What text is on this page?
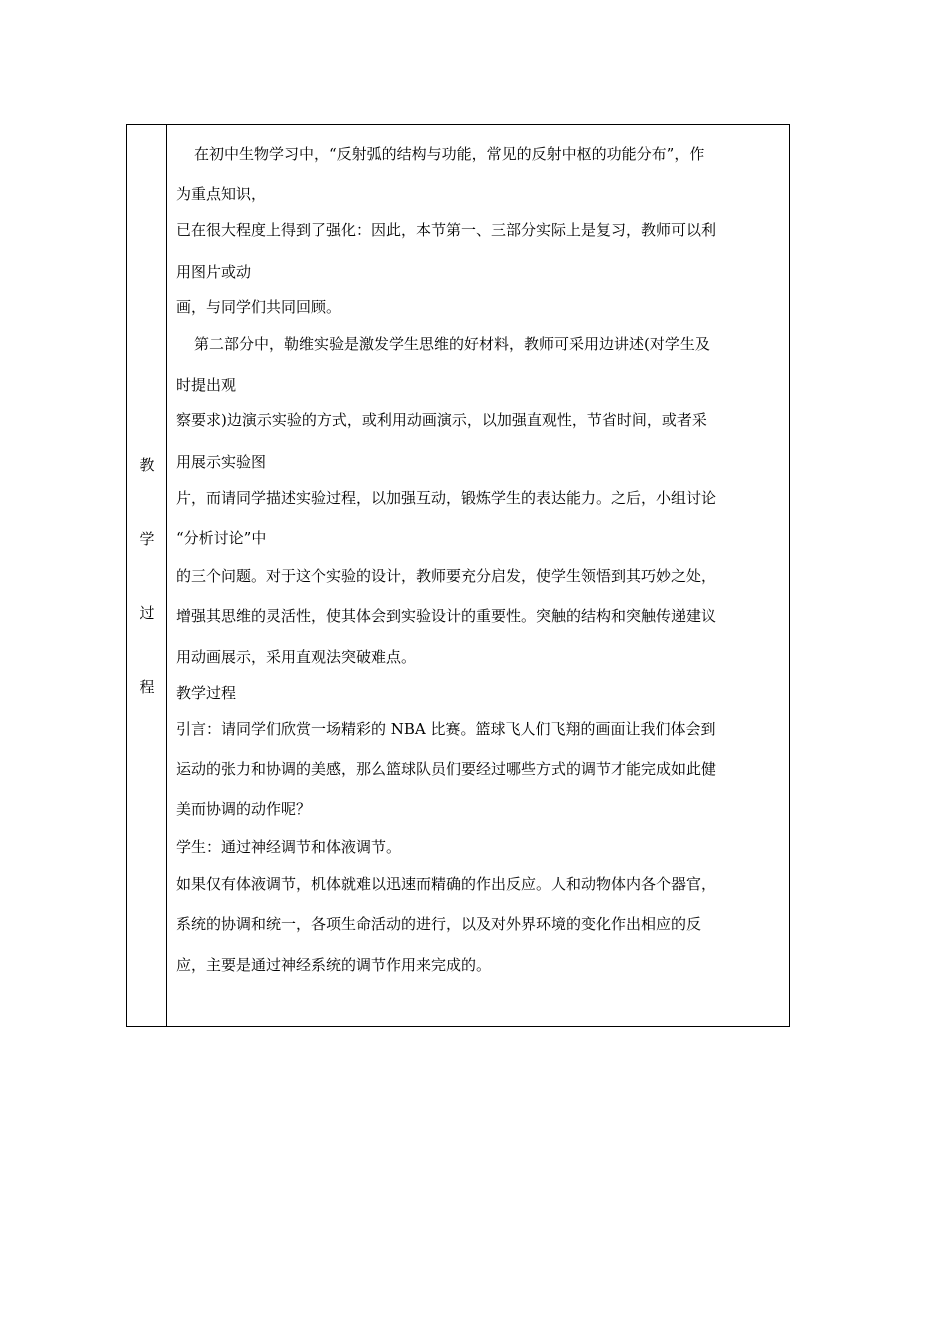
教
学
过
程
在初中生物学习中，“反射弧的结构与功能，常见的反射中枢的功能分布”，作
为重点知识，
已在很大程度上得到了强化：因此，本节第一、三部分实际上是复习，教师可以利
用图片或动
画，与同学们共同回顾。
第二部分中，勒维实验是激发学生思维的好材料，教师可采用边讲述(对学生及
时提出观
察要求)边演示实验的方式，或利用动画演示，以加强直观性，节省时间，或者采
用展示实验图
片，而请同学描述实验过程，以加强互动，锻炼学生的表达能力。之后，小组讨论
“分析讨论”中
的三个问题。对于这个实验的设计，教师要充分启发，使学生领悟到其巧妙之处，
增强其思维的灵活性，使其体会到实验设计的重要性。突触的结构和突触传递建议
用动画展示，采用直观法突破难点。
教学过程
引言：请同学们欣赏一场精彩的 NBA 比赛。篮球飞人们飞翔的画面让我们体会到
运动的张力和协调的美感，那么篮球队员们要经过哪些方式的调节才能完成如此健
美而协调的动作呢？
学生：通过神经调节和体液调节。
如果仅有体液调节，机体就难以迅速而精确的作出反应。人和动物体内各个器官，
系统的协调和统一，各项生命活动的进行，以及对外界环境的变化作出相应的反
应，主要是通过神经系统的调节作用来完成的。
